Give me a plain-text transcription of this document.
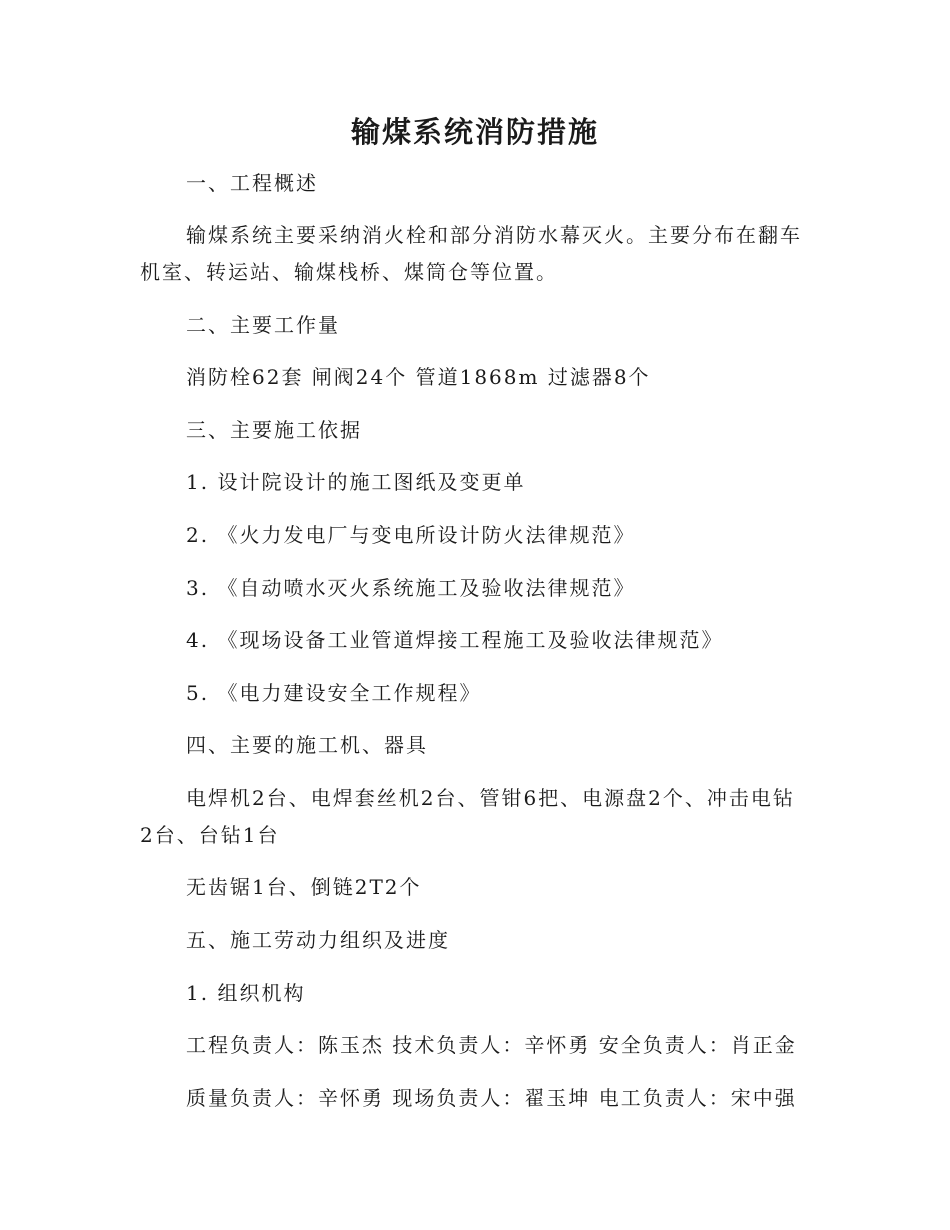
输煤系统消防措施
一、工程概述
输煤系统主要采纳消火栓和部分消防水幕灭火。主要分布在翻车
机室、转运站、输煤栈桥、煤筒仓等位置。
二、主要工作量
消防栓62套 闸阀24个 管道1868m 过滤器8个
三、主要施工依据
1. 设计院设计的施工图纸及变更单
2. 《火力发电厂与变电所设计防火法律规范》
3. 《自动喷水灭火系统施工及验收法律规范》
4. 《现场设备工业管道焊接工程施工及验收法律规范》
5. 《电力建设安全工作规程》
四、主要的施工机、器具
电焊机2台、电焊套丝机2台、管钳6把、电源盘2个、冲击电钻
2台、台钻1台
无齿锯1台、倒链2T2个
五、施工劳动力组织及进度
1. 组织机构
工程负责人：陈玉杰 技术负责人：辛怀勇 安全负责人：肖正金
质量负责人：辛怀勇 现场负责人：翟玉坤 电工负责人：宋中强
